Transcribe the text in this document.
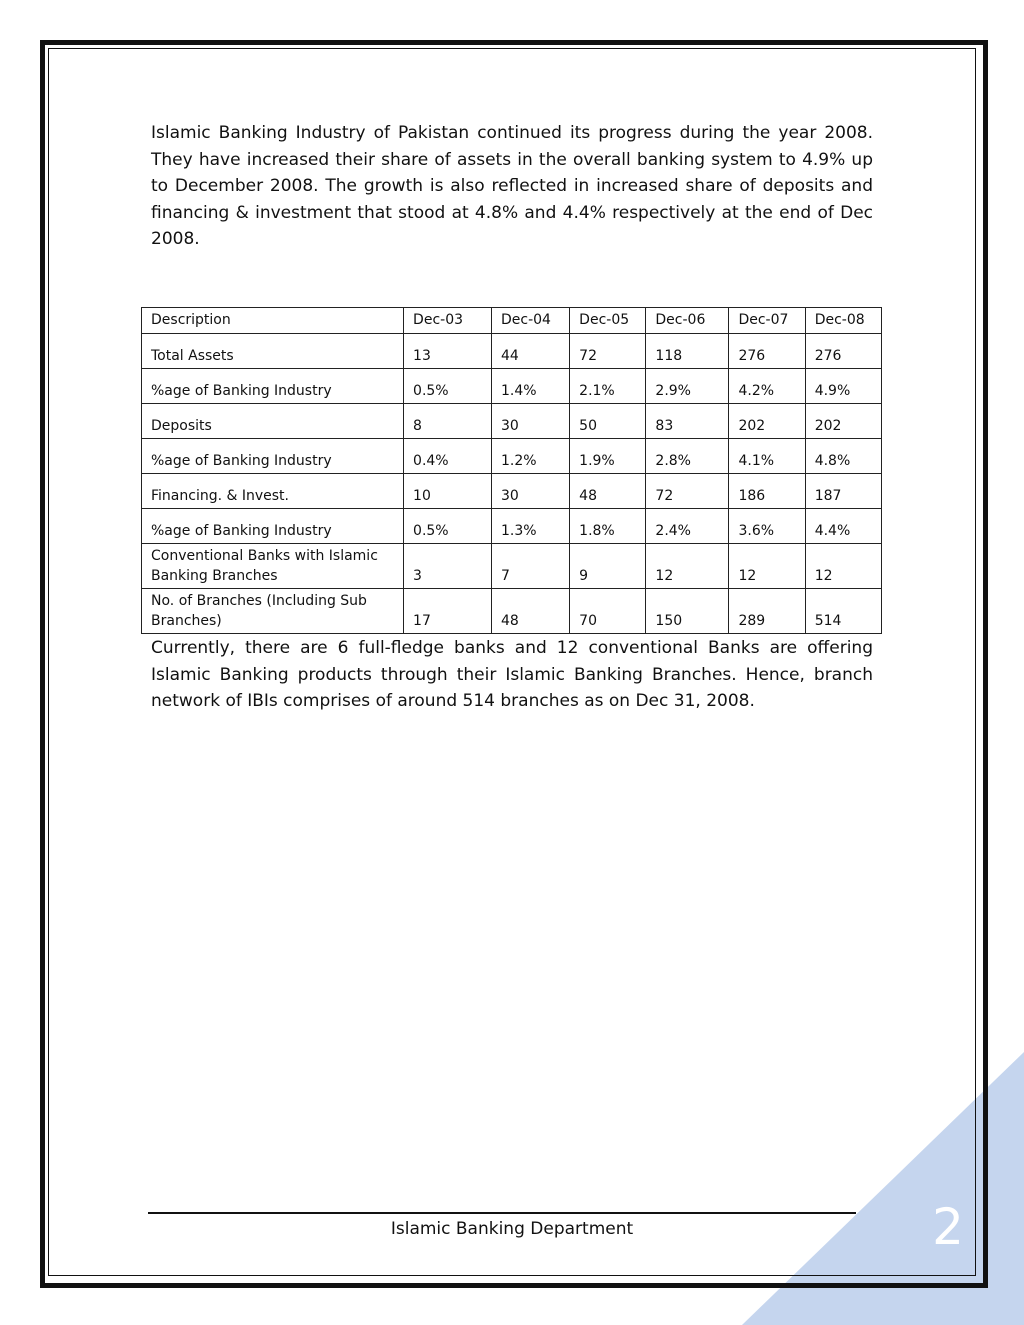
Islamic Banking Industry of Pakistan continued its progress during the year 2008. They have increased their share of assets in the overall banking system to 4.9% up to December 2008. The growth is also reflected in increased share of deposits and financing & investment that stood at 4.8% and 4.4% respectively at the end of Dec 2008.

Description	Dec-03	Dec-04	Dec-05	Dec-06	Dec-07	Dec-08
Total Assets	13	44	72	118	276	276
%age of Banking Industry	0.5%	1.4%	2.1%	2.9%	4.2%	4.9%
Deposits	8	30	50	83	202	202
%age of Banking Industry	0.4%	1.2%	1.9%	2.8%	4.1%	4.8%
Financing. & Invest.	10	30	48	72	186	187
%age of Banking Industry	0.5%	1.3%	1.8%	2.4%	3.6%	4.4%
Conventional Banks with Islamic Banking Branches	3	7	9	12	12	12
No. of Branches (Including Sub Branches)	17	48	70	150	289	514

Currently, there are 6 full-fledge banks and 12 conventional Banks are offering Islamic Banking products through their Islamic Banking Branches. Hence, branch network of IBIs comprises of around 514 branches as on Dec 31, 2008.

Islamic Banking Department	2
